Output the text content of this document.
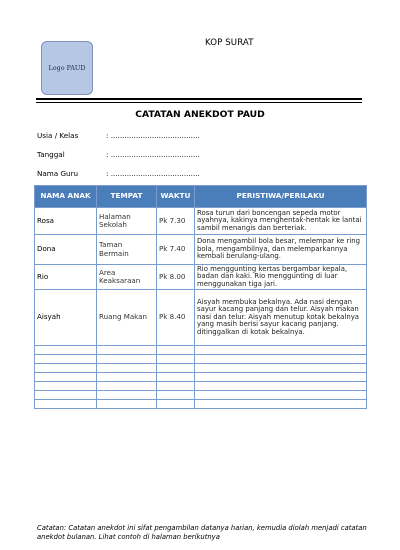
Logo PAUD
KOP SURAT
CATATAN ANEKDOT PAUD
Usia / Kelas	: .......................................
Tanggal	: .......................................
Nama Guru	: .......................................
NAMA ANAK	TEMPAT	WAKTU	PERISTIWA/PERILAKU
Rosa	Halaman Sekolah	Pk 7.30	Rosa turun dari boncengan sepeda motor ayahnya, kakinya menghentak-hentak ke lantai sambil menangis dan berteriak.
Dona	Taman Bermain	Pk 7.40	Dona mengambil bola besar, melempar ke ring bola, mengambilnya, dan melemparkannya kembali berulang-ulang.
Rio	Area Keaksaraan	Pk 8.00	Rio menggunting kertas bergambar kepala, badan dan kaki. Rio menggunting di luar menggunakan tiga jari.
Aisyah	Ruang Makan	Pk 8.40	Aisyah membuka bekalnya. Ada nasi dengan sayur kacang panjang dan telur. Aisyah makan nasi dan telur. Aisyah menutup kotak bekalnya yang masih berisi sayur kacang panjang. ditinggalkan di kotak bekalnya.

Catatan: Catatan anekdot ini sifat pengambilan datanya harian, kemudia diolah menjadi catatan anekdot bulanan. Lihat contoh di halaman berikutnya
